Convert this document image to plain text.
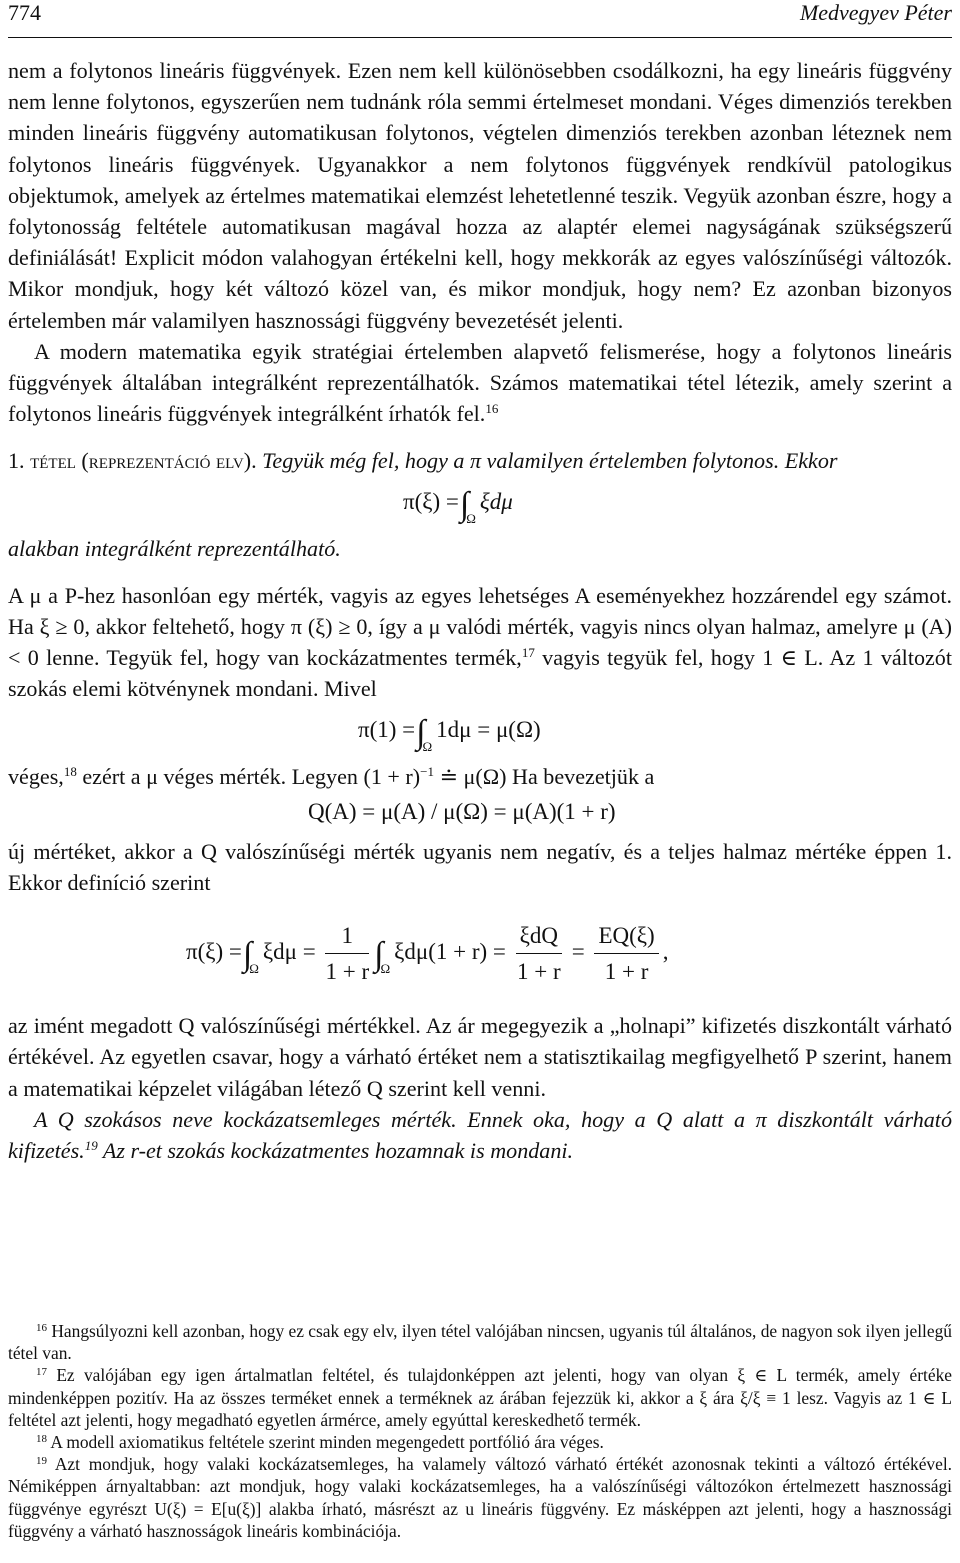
774	Medvegyev Péter

nem a folytonos lineáris függvények. Ezen nem kell különösebben csodálkozni, ha egy lineáris függvény nem lenne folytonos, egyszerűen nem tudnánk róla semmi értelmeset mondani. Véges dimenziós terekben minden lineáris függvény automatikusan folytonos, végtelen dimenziós terekben azonban léteznek nem folytonos lineáris függvények. Ugyanakkor a nem folytonos függvények rendkívül patologikus objektumok, amelyek az értelmes matematikai elemzést lehetetlenné teszik. Vegyük azonban észre, hogy a folytonosság feltétele automatikusan magával hozza az alaptér elemei nagyságának szükségszerű definiálását! Explicit módon valahogyan értékelni kell, hogy mekkorák az egyes valószínűségi változók. Mikor mondjuk, hogy két változó közel van, és mikor mondjuk, hogy nem? Ez azonban bizonyos értelemben már valamilyen hasznossági függvény bevezetését jelenti.

A modern matematika egyik stratégiai értelemben alapvető felismerése, hogy a folytonos lineáris függvények általában integrálként reprezentálhatók. Számos matematikai tétel létezik, amely szerint a folytonos lineáris függvények integrálként írhatók fel.$^{16}$

1. tétel (reprezentáció elv). Tegyük még fel, hogy a π valamilyen értelemben folytonos. Ekkor

$\pi(\xi) =\int_\Omega\xi d\mu$

alakban integrálként reprezentálható.

A μ a P-hez hasonlóan egy mérték, vagyis az egyes lehetséges A eseményekhez hozzárendel egy számot. Ha ξ ≥ 0, akkor feltehető, hogy π (ξ) ≥ 0, így a μ valódi mérték, vagyis nincs olyan halmaz, amelyre μ (A) < 0 lenne. Tegyük fel, hogy van kockázatmentes termék,$^{17}$ vagyis tegyük fel, hogy 1 ∈ L. Az 1 változót szokás elemi kötvénynek mondani. Mivel

$\pi(1) =\int_\Omega 1d\mu = \mu(\Omega)$

véges,$^{18}$ ezért a μ véges mérték. Legyen $(1 + r)^{-1}$ ≐ μ(Ω) Ha bevezetjük a

Q(A) = μ(A) / μ(Ω) = μ(A)(1 + r)

új mértéket, akkor a Q valószínűségi mérték ugyanis nem negatív, és a teljes halmaz mértéke éppen 1. Ekkor definíció szerint

$\pi(\xi) =\int_\Omega\xi d\mu = \frac{1}{1 + r} \int_\Omega\xi d\mu(1 + r) = \frac{\text{ξdQ}}{1 + r} = \frac{EQ(\xi)}{1 + r}$ ,

az imént megadott Q valószínűségi mértékkel. Az ár megegyezik a „holnapi” kifizetés diszkontált várható értékével. Az egyetlen csavar, hogy a várható értéket nem a statisztikailag megfigyelhető P szerint, hanem a matematikai képzelet világában létező Q szerint kell venni.

A Q szokásos neve kockázatsemleges mérték. Ennek oka, hogy a Q alatt a π diszkontált várható kifizetés.$^{19}$ Az r-et szokás kockázatmentes hozamnak is mondani.

$^{16}$ Hangsúlyozni kell azonban, hogy ez csak egy elv, ilyen tétel valójában nincsen, ugyanis túl általános, de nagyon sok ilyen jellegű tétel van.

$^{17}$ Ez valójában egy igen ártalmatlan feltétel, és tulajdonképpen azt jelenti, hogy van olyan ξ ∈ L termék, amely értéke mindenképpen pozitív. Ha az összes terméket ennek a terméknek az árában fejezzük ki, akkor a ξ ára ξ/ξ ≡ 1 lesz. Vagyis az 1 ∈ L feltétel azt jelenti, hogy megadható egyetlen ármérce, amely egyúttal kereskedhető termék.

$^{18}$ A modell axiomatikus feltétele szerint minden megengedett portfólió ára véges.

$^{19}$ Azt mondjuk, hogy valaki kockázatsemleges, ha valamely változó várható értékét azonosnak tekinti a változó értékével. Némiképpen árnyaltabban: azt mondjuk, hogy valaki kockázatsemleges, ha a valószínűségi változókon értelmezett hasznossági függvénye egyrészt U(ξ) = E[u(ξ)] alakba írható, másrészt az u lineáris függvény. Ez másképpen azt jelenti, hogy a hasznossági függvény a várható hasznosságok lineáris kombinációja.
